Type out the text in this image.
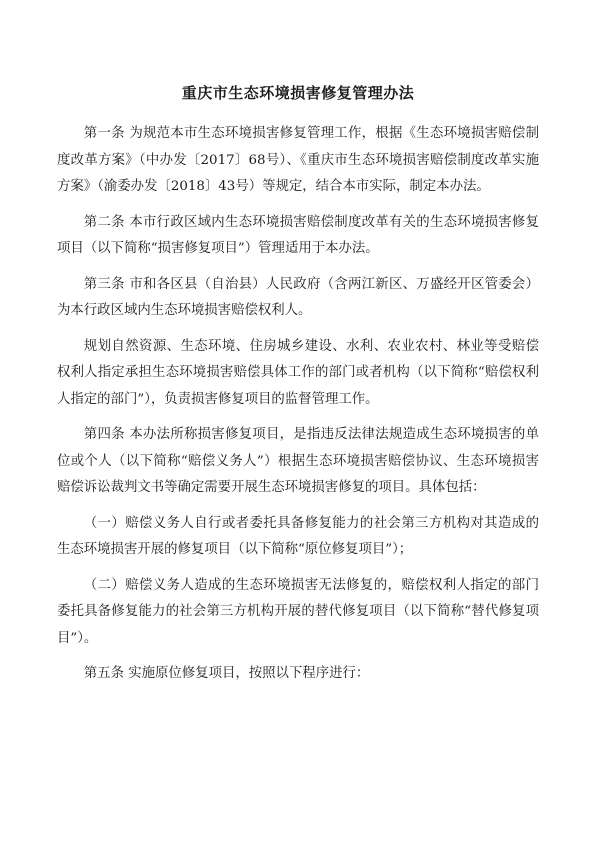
重庆市生态环境损害修复管理办法

第一条 为规范本市生态环境损害修复管理工作，根据《生态环境损害赔偿制度改革方案》（中办发〔2017〕68号）、《重庆市生态环境损害赔偿制度改革实施方案》（渝委办发〔2018〕43号）等规定，结合本市实际，制定本办法。

第二条 本市行政区域内生态环境损害赔偿制度改革有关的生态环境损害修复项目（以下简称“损害修复项目”）管理适用于本办法。

第三条 市和各区县（自治县）人民政府（含两江新区、万盛经开区管委会）为本行政区域内生态环境损害赔偿权利人。

规划自然资源、生态环境、住房城乡建设、水利、农业农村、林业等受赔偿权利人指定承担生态环境损害赔偿具体工作的部门或者机构（以下简称“赔偿权利人指定的部门”），负责损害修复项目的监督管理工作。

第四条 本办法所称损害修复项目，是指违反法律法规造成生态环境损害的单位或个人（以下简称“赔偿义务人”）根据生态环境损害赔偿协议、生态环境损害赔偿诉讼裁判文书等确定需要开展生态环境损害修复的项目。具体包括：

（一）赔偿义务人自行或者委托具备修复能力的社会第三方机构对其造成的生态环境损害开展的修复项目（以下简称“原位修复项目”）；

（二）赔偿义务人造成的生态环境损害无法修复的，赔偿权利人指定的部门委托具备修复能力的社会第三方机构开展的替代修复项目（以下简称“替代修复项目”）。

第五条 实施原位修复项目，按照以下程序进行：
